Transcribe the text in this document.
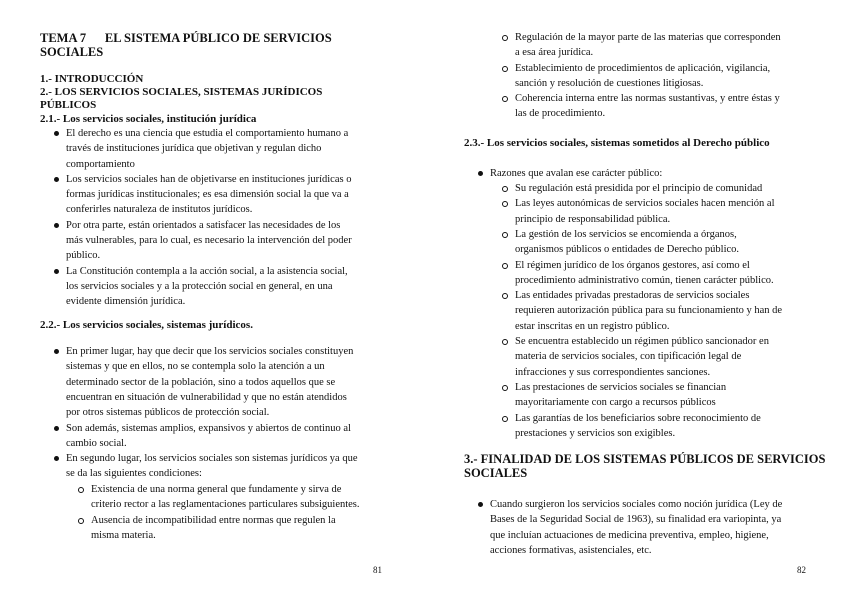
TEMA 7      EL SISTEMA PÚBLICO DE SERVICIOS
SOCIALES
1.- INTRODUCCIÓN
2.- LOS SERVICIOS SOCIALES, SISTEMAS JURÍDICOS
PÚBLICOS
2.1.- Los servicios sociales, institución jurídica
El derecho es una ciencia que estudia el comportamiento humano a
través de instituciones jurídica que objetivan y regulan dicho
comportamiento
Los servicios sociales han de objetivarse en instituciones jurídicas o
formas jurídicas institucionales; es esa dimensión social la que va a
conferirles naturaleza de institutos jurídicos.
Por otra parte, están orientados a satisfacer las necesidades de los
más vulnerables, para lo cual, es necesario la intervención del poder
público.
La Constitución contempla a la acción social, a la asistencia social,
los servicios sociales y a la protección social en general, en una
evidente dimensión jurídica.
2.2.- Los servicios sociales, sistemas jurídicos.
En primer lugar, hay que decir que los servicios sociales constituyen
sistemas y que en ellos, no se contempla solo la atención a un
determinado sector de la población, sino a todos aquellos que se
encuentran en situación de vulnerabilidad y que no están atendidos
por otros sistemas públicos de protección social.
Son además, sistemas amplios, expansivos y abiertos de continuo al
cambio social.
En segundo lugar, los servicios sociales son sistemas jurídicos ya que
se da las siguientes condiciones:
Existencia de una norma general que fundamente y sirva de
criterio rector a las reglamentaciones particulares subsiguientes.
Ausencia de incompatibilidad entre normas que regulen la
misma materia.
81
Regulación de la mayor parte de las materias que corresponden
a esa área jurídica.
Establecimiento de procedimientos de aplicación, vigilancia,
sanción y resolución de cuestiones litigiosas.
Coherencia interna entre las normas sustantivas, y entre éstas y
las de procedimiento.
2.3.- Los servicios sociales, sistemas sometidos al Derecho público
Razones que avalan ese carácter público:
Su regulación está presidida por el principio de comunidad
Las leyes autonómicas de servicios sociales hacen mención al
principio de responsabilidad pública.
La gestión de los servicios se encomienda a órganos,
organismos públicos o entidades de Derecho público.
El régimen jurídico de los órganos gestores, así como el
procedimiento administrativo común, tienen carácter público.
Las entidades privadas prestadoras de servicios sociales
requieren autorización pública para su funcionamiento y han de
estar inscritas en un registro público.
Se encuentra establecido un régimen público sancionador en
materia de servicios sociales, con tipificación legal de
infracciones y sus correspondientes sanciones.
Las prestaciones de servicios sociales se financian
mayoritariamente con cargo a recursos públicos
Las garantías de los beneficiarios sobre reconocimiento de
prestaciones y servicios son exigibles.
3.- FINALIDAD DE LOS SISTEMAS PÚBLICOS DE SERVICIOS
SOCIALES
Cuando surgieron los servicios sociales como noción jurídica (Ley de
Bases de la Seguridad Social de 1963), su finalidad era variopinta, ya
que incluían actuaciones de medicina preventiva, empleo, higiene,
acciones formativas, asistenciales, etc.
82
